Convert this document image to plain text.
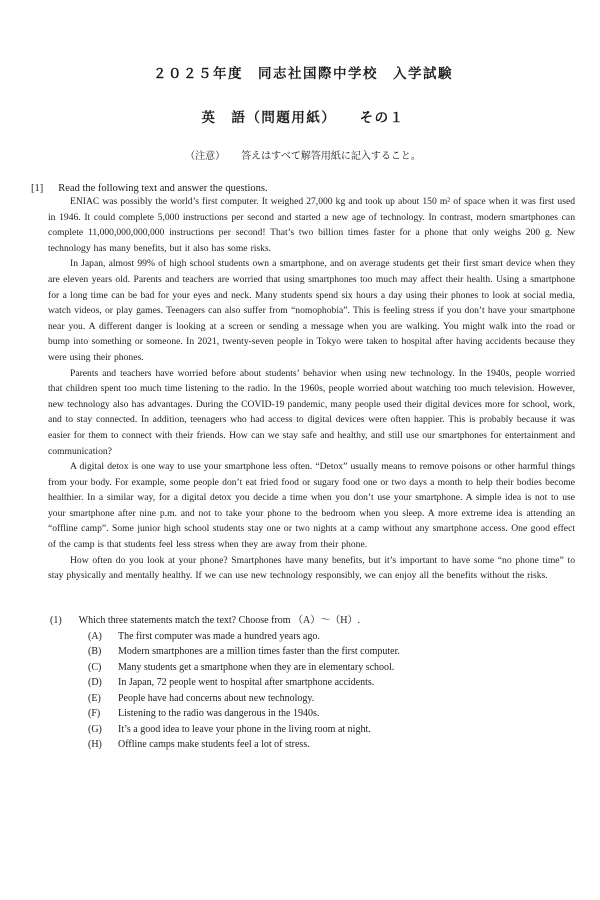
２０２５年度　同志社国際中学校　入学試験
英　語（問題用紙）　　その１
（注意） 答えはすべて解答用紙に記入すること。
[1] Read the following text and answer the questions.

ENIAC was possibly the world’s first computer. It weighed 27,000 kg and took up about 150 m² of space when it was first used in 1946. It could complete 5,000 instructions per second and started a new age of technology. In contrast, modern smartphones can complete 11,000,000,000,000 instructions per second! That’s two billion times faster for a phone that only weighs 200 g. New technology has many benefits, but it also has some risks.

In Japan, almost 99% of high school students own a smartphone, and on average students get their first smart device when they are eleven years old. Parents and teachers are worried that using smartphones too much may affect their health. Using a smartphone for a long time can be bad for your eyes and neck. Many students spend six hours a day using their phones to look at social media, watch videos, or play games. Teenagers can also suffer from “nomophobia”. This is feeling stress if you don’t have your smartphone near you. A different danger is looking at a screen or sending a message when you are walking. You might walk into the road or bump into something or someone. In 2021, twenty-seven people in Tokyo were taken to hospital after having accidents because they were using their phones.

Parents and teachers have worried before about students’ behavior when using new technology. In the 1940s, people worried that children spent too much time listening to the radio. In the 1960s, people worried about watching too much television. However, new technology also has advantages. During the COVID-19 pandemic, many people used their digital devices more for school, work, and to stay connected. In addition, teenagers who had access to digital devices were often happier. This is probably because it was easier for them to connect with their friends. How can we stay safe and healthy, and still use our smartphones for entertainment and communication?

A digital detox is one way to use your smartphone less often. “Detox” usually means to remove poisons or other harmful things from your body. For example, some people don’t eat fried food or sugary food one or two days a month to help their bodies become healthier. In a similar way, for a digital detox you decide a time when you don’t use your smartphone. A simple idea is not to use your smartphone after nine p.m. and not to take your phone to the bedroom when you sleep. A more extreme idea is attending an “offline camp”. Some junior high school students stay one or two nights at a camp without any smartphone access. One good effect of the camp is that students feel less stress when they are away from their phone.

How often do you look at your phone? Smartphones have many benefits, but it’s important to have some “no phone time” to stay physically and mentally healthy. If we can use new technology responsibly, we can enjoy all the benefits without the risks.

(1) Which three statements match the text? Choose from （A）～（H）.
(A)	The first computer was made a hundred years ago.
(B)	Modern smartphones are a million times faster than the first computer.
(C)	Many students get a smartphone when they are in elementary school.
(D)	In Japan, 72 people went to hospital after smartphone accidents.
(E)	People have had concerns about new technology.
(F)	Listening to the radio was dangerous in the 1940s.
(G)	It’s a good idea to leave your phone in the living room at night.
(H)	Offline camps make students feel a lot of stress.
